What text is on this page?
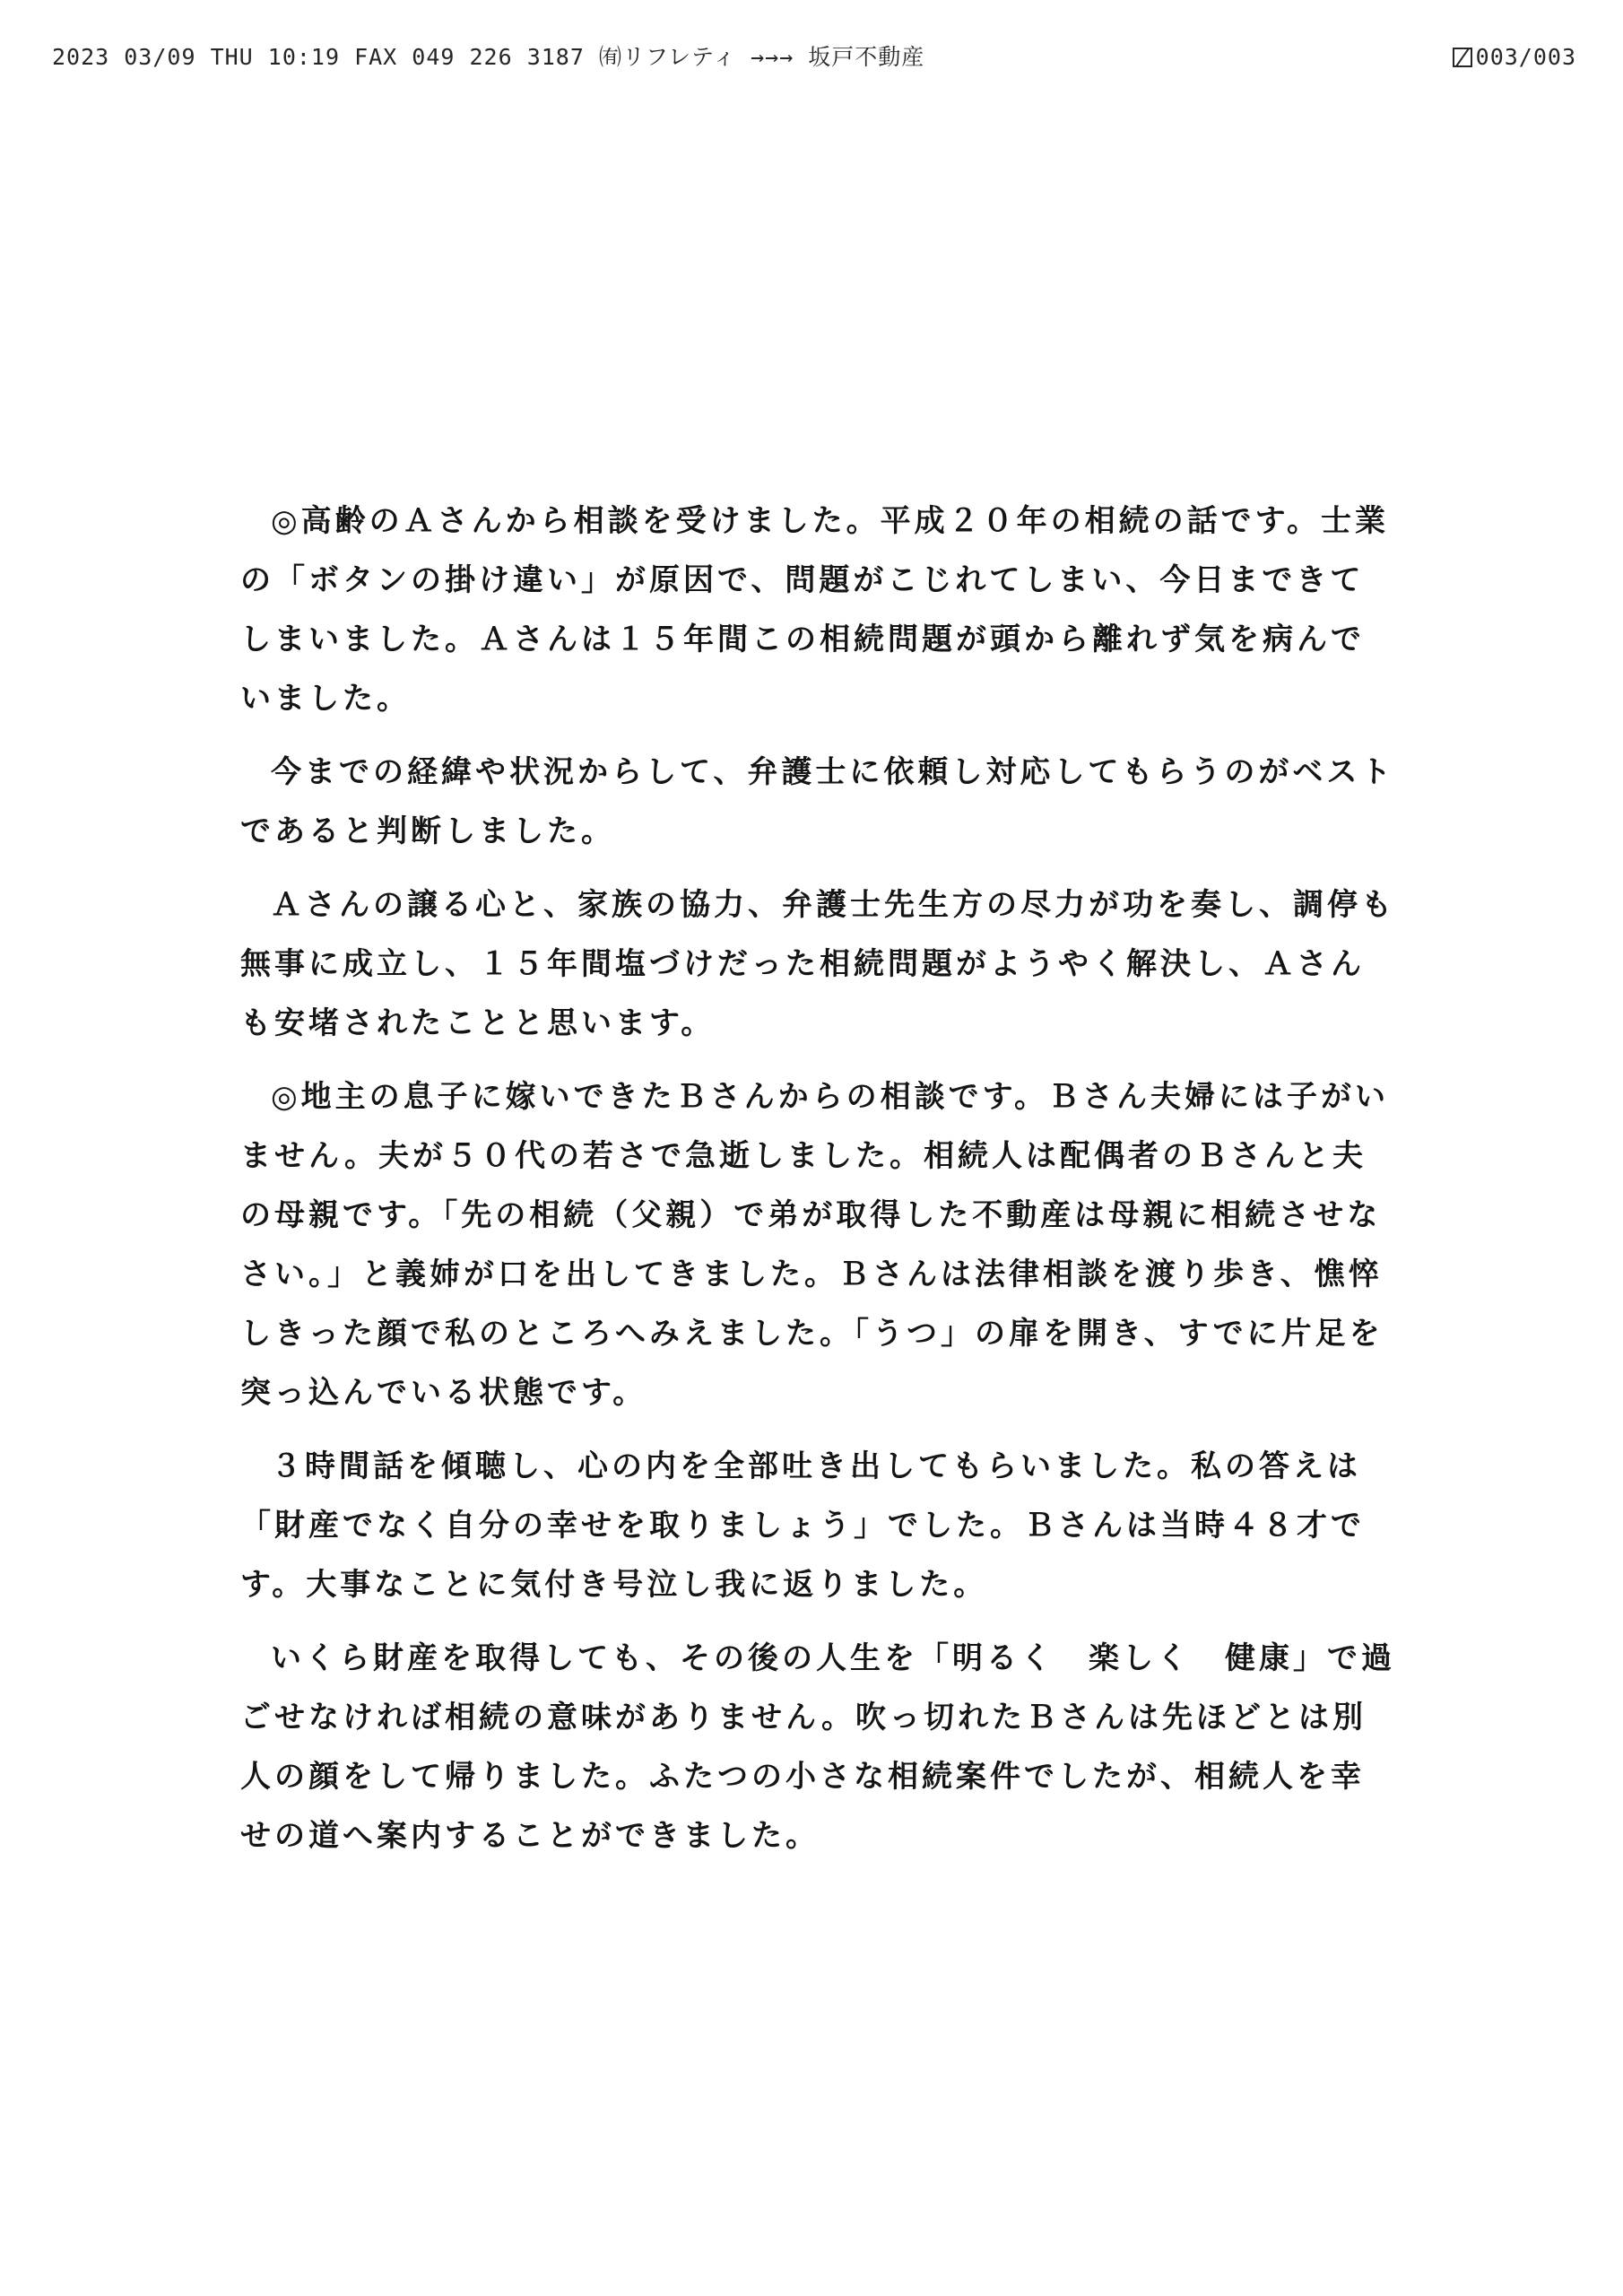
2023 03/09 THU 10:19 FAX 049 226 3187 ㈲リフレティ →→→ 坂戸不動産	003/003

◎高齢のＡさんから相談を受けました。平成２０年の相続の話です。士業の「ボタンの掛け違い」が原因で、問題がこじれてしまい、今日まできてしまいました。Ａさんは１５年間この相続問題が頭から離れず気を病んでいました。

今までの経緯や状況からして、弁護士に依頼し対応してもらうのがベストであると判断しました。

Ａさんの譲る心と、家族の協力、弁護士先生方の尽力が功を奏し、調停も無事に成立し、１５年間塩づけだった相続問題がようやく解決し、Ａさんも安堵されたことと思います。

◎地主の息子に嫁いできたＢさんからの相談です。Ｂさん夫婦には子がいません。夫が５０代の若さで急逝しました。相続人は配偶者のＢさんと夫の母親です。「先の相続（父親）で弟が取得した不動産は母親に相続させなさい。」と義姉が口を出してきました。Ｂさんは法律相談を渡り歩き、憔悴しきった顔で私のところへみえました。「うつ」の扉を開き、すでに片足を突っ込んでいる状態です。

３時間話を傾聴し、心の内を全部吐き出してもらいました。私の答えは「財産でなく自分の幸せを取りましょう」でした。Ｂさんは当時４８才です。大事なことに気付き号泣し我に返りました。

いくら財産を取得しても、その後の人生を「明るく　楽しく　健康」で過ごせなければ相続の意味がありません。吹っ切れたＢさんは先ほどとは別人の顔をして帰りました。ふたつの小さな相続案件でしたが、相続人を幸せの道へ案内することができました。
